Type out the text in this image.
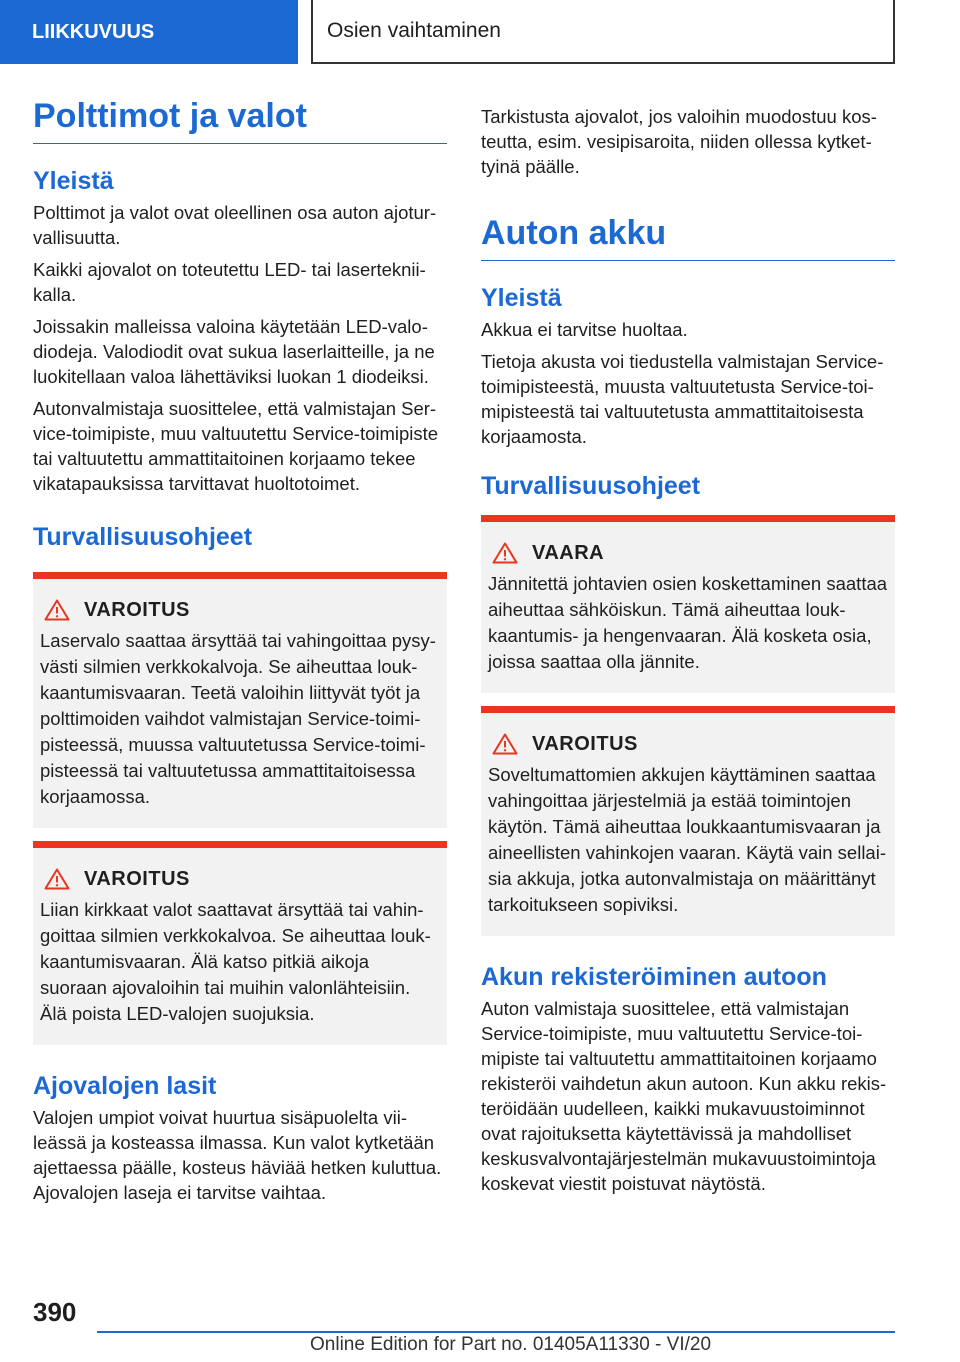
LIIKKUVUUS	Osien vaihtaminen
Polttimot ja valot
Yleistä

Polttimot ja valot ovat oleellinen osa auton ajoturvallisuutta.

Kaikki ajovalot on toteutettu LED- tai lasertekniikalla.

Joissakin malleissa valoina käytetään LED-valodiodeja. Valodiodit ovat sukua laserlaitteille, ja ne luokitellaan valoa lähettäviksi luokan 1 diodeiksi.

Autonvalmistaja suosittelee, että valmistajan Service-toimipiste, muu valtuutettu Service-toimipiste tai valtuutettu ammattitaitoinen korjaamo tekee vikatapauksissa tarvittavat huoltotoimet.

Turvallisuusohjeet
VAROITUS

Laservalo saattaa ärsyttää tai vahingoittaa pysyvästi silmien verkkokalvoja. Se aiheuttaa loukkaantumisvaaran. Teetä valoihin liittyvät työt ja polttimoiden vaihdot valmistajan Service-toimipisteessä, muussa valtuutetussa Service-toimipisteessä tai valtuutetussa ammattitaitoisessa korjaamossa.

VAROITUS

Liian kirkkaat valot saattavat ärsyttää tai vahingoittaa silmien verkkokalvoa. Se aiheuttaa loukkaantumisvaaran. Älä katso pitkiä aikoja suoraan ajovaloihin tai muihin valonlähteisiin. Älä poista LED-valojen suojuksia.

Ajovalojen lasit

Valojen umpiot voivat huurtua sisäpuolelta viileässä ja kosteassa ilmassa. Kun valot kytketään ajettaessa päälle, kosteus häviää hetken kuluttua. Ajovalojen laseja ei tarvitse vaihtaa.

Tarkistusta ajovalot, jos valoihin muodostuu kosteutta, esim. vesipisaroita, niiden ollessa kytkettyinä päälle.

Auton akku
Yleistä

Akkua ei tarvitse huoltaa.

Tietoja akusta voi tiedustella valmistajan Service-toimipisteestä, muusta valtuutetusta Service-toimipisteestä tai valtuutetusta ammattitaitoisesta korjaamosta.

Turvallisuusohjeet
VAARA

Jännitettä johtavien osien koskettaminen saattaa aiheuttaa sähköiskun. Tämä aiheuttaa loukkaantumis- ja hengenvaaran. Älä kosketa osia, joissa saattaa olla jännite.

VAROITUS

Soveltumattomien akkujen käyttäminen saattaa vahingoittaa järjestelmiä ja estää toimintojen käytön. Tämä aiheuttaa loukkaantumisvaaran ja aineellisten vahinkojen vaaran. Käytä vain sellaisia akkuja, jotka autonvalmistaja on määrittänyt tarkoitukseen sopiviksi.

Akun rekisteröiminen autoon

Auton valmistaja suosittelee, että valmistajan Service-toimipiste, muu valtuutettu Service-toimipiste tai valtuutettu ammattitaitoinen korjaamo rekisteröi vaihdetun akun autoon. Kun akku rekisteröidään uudelleen, kaikki mukavuustoiminnot ovat rajoituksetta käytettävissä ja mahdolliset keskusvalvontajärjestelmän mukavuustoimintoja koskevat viestit poistuvat näytöstä.

390
Online Edition for Part no. 01405A11330 - VI/20
